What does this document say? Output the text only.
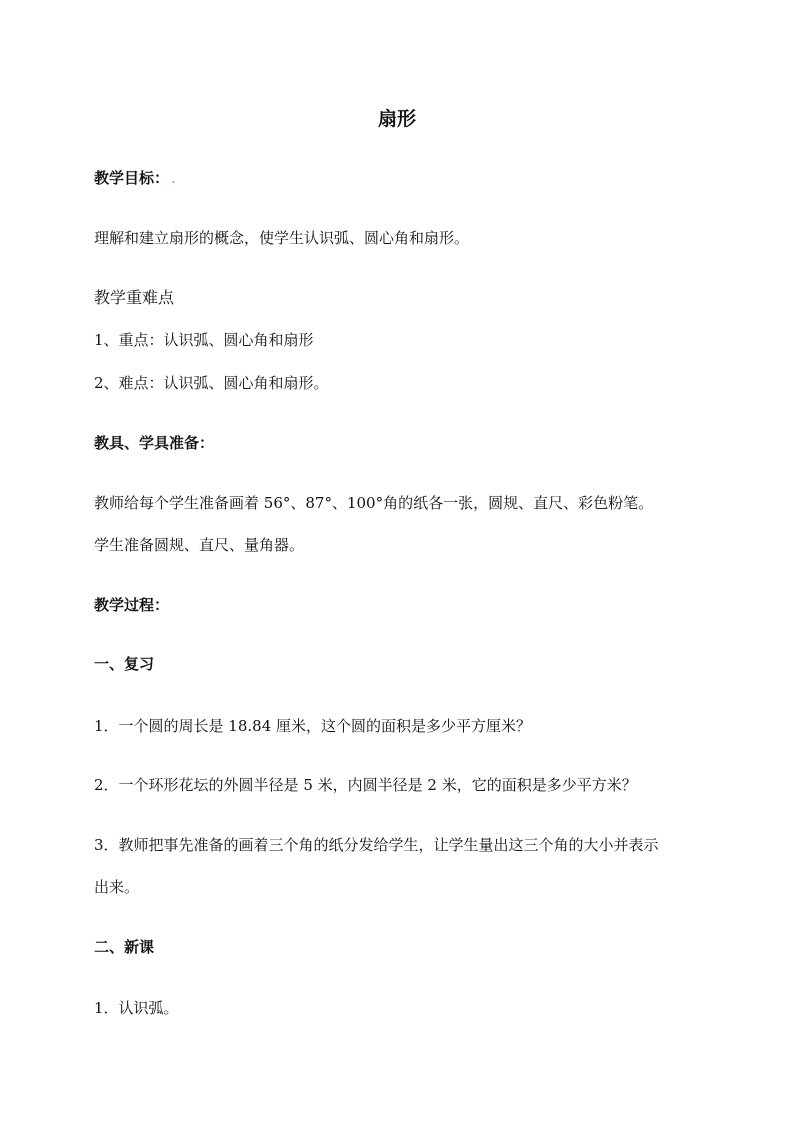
扇形
教学目标： .
理解和建立扇形的概念，使学生认识弧、圆心角和扇形。
教学重难点
1、重点：认识弧、圆心角和扇形
2、难点：认识弧、圆心角和扇形。
教具、学具准备：
教师给每个学生准备画着 56°、87°、100°角的纸各一张，圆规、直尺、彩色粉笔。
学生准备圆规、直尺、量角器。
教学过程：
一、复习
1．一个圆的周长是 18.84 厘米，这个圆的面积是多少平方厘米？
2．一个环形花坛的外圆半径是 5 米，内圆半径是 2 米，它的面积是多少平方米？
3．教师把事先准备的画着三个角的纸分发给学生，让学生量出这三个角的大小并表示
出来。
二、新课
1．认识弧。
